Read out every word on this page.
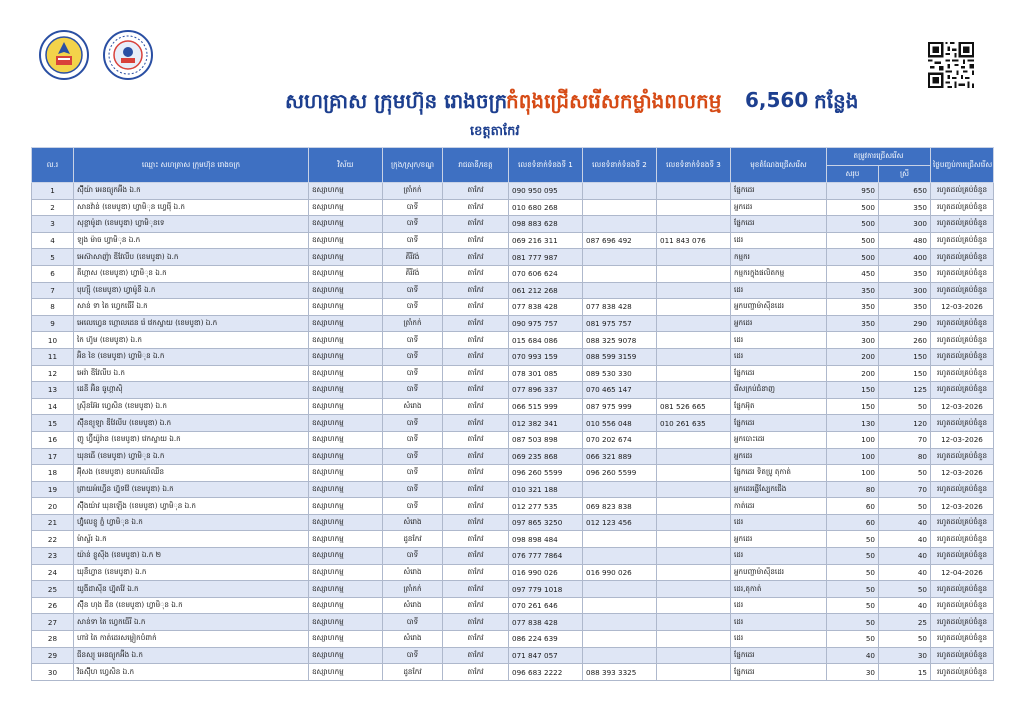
សហគ្រាស ក្រុមហ៊ុន រោងចក្រ
កំពុងជ្រើសរើសកម្លាំងពលកម្ម 6,560 កន្លែង
ខេត្តតាកែវ
ល.រ	ឈ្មោះ សហគ្រាស ក្រុមហ៊ុន រោងចក្រ	វិស័យ	ក្រុង/ស្រុក/ខណ្ឌ	រាជធានី/ខេត្ត	លេខទំនាក់ទំនងទី 1	លេខទំនាក់ទំនងទី 2	លេខទំនាក់ទំនងទី 3	មុខតំណែងជ្រើសរើស	តម្រូវការជ្រើសរើស		ថ្ងៃបញ្ចប់ការជ្រើសរើស
									សរុប	ស្រី	
1	ស៊ុីយ៉ា អេនធ្យូកអ៊ីង ឯ.ក	ឧស្សាហកម្ម	ត្រាំកក់	តាកែវ	090 950 095			ផ្នែកដេរ	950	650	រហូតដល់គ្រប់ចំនួន
2	សានវ៉ាន់ (ខេមបូឌា) ហ្វាមិុន ហ្វេរ៉ើ ឯ.ក	ឧស្សាហកម្ម	បាទី	តាកែវ	010 680 268			អ្នកដេរ	500	350	រហូតដល់គ្រប់ចំនួន
3	សុខ្ទាម៉ូដា (ខេមបូឌា) ហ្វាមិុនទេ	ឧស្សាហកម្ម	បាទី	តាកែវ	098 883 628			ផ្នែកដេរ	500	300	រហូតដល់គ្រប់ចំនួន
4	ឡុង ម៉ាច ហ្វាមិុន ឯ.ក	ឧស្សាហកម្ម	បាទី	តាកែវ	069 216 311	087 696 492	011 843 076	ដេរ	500	480	រហូតដល់គ្រប់ចំនួន
5	អេស៊ាសាញ៉ា ឌីវែលីប (ខេមបូឌា) ឯ.ក	ឧស្សាហកម្ម	គីរីវង់	តាកែវ	081 777 987			កម្មករ	500	400	រហូតដល់គ្រប់ចំនួន
6	គីហ្គាស (ខេមបូឌា) ហ្វាមិុន ឯ.ក	ឧស្សាហកម្ម	គីរីវង់	តាកែវ	070 606 624			កម្មករក្នុងផលិតកម្ម	450	350	រហូតដល់គ្រប់ចំនួន
7	បុហ្ស៊ី (ខេមបូឌា) ហ្វាម៉ូនី ឯ.ក	ឧស្សាហកម្ម	បាទី	តាកែវ	061 212 268			ដេរ	350	300	រហូតដល់គ្រប់ចំនួន
8	សាន់ ទា តៃ ហ្វេកធើរី ឯ.ក	ឧស្សាហកម្ម	បាទី	តាកែវ	077 838 428	077 838 428		អ្នកបញ្ជាម៉ាស៊ីនដេរ	350	350	12-03-2026
9	អេលេហ្វេន ហ្គោលដេន រ៉េ វេកស្ទាយ (ខេមបូឌា) ឯ.ក	ឧស្សាហកម្ម	ត្រាំកក់	តាកែវ	090 975 757	081 975 757		អ្នកដេរ	350	290	រហូតដល់គ្រប់ចំនួន
10	កៃ ហ៊ូម (ខេមបូឌា) ឯ.ក	ឧស្សាហកម្ម	បាទី	តាកែវ	015 684 086	088 325 9078		ដេរ	300	260	រហូតដល់គ្រប់ចំនួន
11	អ៊ិន ខៃ (ខេមបូឌា) ហ្វាមិុន ឯ.ក	ឧស្សាហកម្ម	បាទី	តាកែវ	070 993 159	088 599 3159		ដេរ	200	150	រហូតដល់គ្រប់ចំនួន
12	អេរ៉ា ឌីវែលីប ឯ.ក	ឧស្សាហកម្ម	បាទី	តាកែវ	078 301 085	089 530 330		ផ្នែកដេរ	200	150	រហូតដល់គ្រប់ចំនួន
13	ដេនី អ៊ិន ធូហ្គាស៊ិ	ឧស្សាហកម្ម	បាទី	តាកែវ	077 896 337	070 465 147		រើសក្រប់ជំនាញ	150	125	រហូតដល់គ្រប់ចំនួន
14	ស្រ៊ីនអ៊ែរ ហ្វេសិន (ខេមបូឌា) ឯ.ក	ឧស្សាហកម្ម	សំរោង	តាកែវ	066 515 999	087 975 999	081 526 665	ផ្នែកអ៊ុត	150	50	12-03-2026
15	ស៊ុីនខ្យូឡា ឌីវែលីប (ខេមបូឌា) ឯ.ក	ឧស្សាហកម្ម	បាទី	តាកែវ	012 382 341	010 556 048	010 261 635	ផ្នែកដេរ	130	120	រហូតដល់គ្រប់ចំនួន
16	ញូ ហ្វ៊ីយ៉ូរ៉ាន (ខេមបូឌា) វេកស្ទាយ ឯ.ក	ឧស្សាហកម្ម	បាទី	តាកែវ	087 503 898	070 202 674		អ្នកបោះដេរ	100	70	12-03-2026
17	ឃុនធើ (ខេមបូឌា) ហ្វាមិុន ឯ.ក	ឧស្សាហកម្ម	បាទី	តាកែវ	069 235 868	066 321 889		អ្នកដេរ	100	80	រហូតដល់គ្រប់ចំនួន
18	អ៊ុីសង (ខេមបូឌា) ឧបករណ៍ឈីន	ឧស្សាហកម្ម	បាទី	តាកែវ	096 260 5599	096 260 5599		ផ្នែកដេរ ទិតប្រូ តុកាត់	100	50	12-03-2026
19	ព្រាយអ៉ហ្វើន ហ្វ៊ុទវ៉ែ (ខេមបូឌា) ឯ.ក	ឧស្សាហកម្ម	បាទី	តាកែវ	010 321 188			អ្នកដេរផ្លើស្បែកជើង	80	70	រហូតដល់គ្រប់ចំនួន
20	ស៊ុីងយ៉ាវ ឃុនឡើង (ខេមបូឌា) ហ្វាមិុន ឯ.ក	ឧស្សាហកម្ម	បាទី	តាកែវ	012 277 535	069 823 838		កាត់ដេរ	60	50	12-03-2026
21	ហ្វ៊ុំលេខ្ទូ ភ្នំ ហ្វាមិុន ឯ.ក	ឧស្សាហកម្ម	សំរោង	តាកែវ	097 865 3250	012 123 456		ដេរ	60	40	រហូតដល់គ្រប់ចំនួន
22	ម៉ាស្ទ័រ ឯ.ក	ឧស្សាហកម្ម	ដូនកែវ	តាកែវ	098 898 484			អ្នកដេរ	50	40	រហូតដល់គ្រប់ចំនួន
23	យ៉ាន់ ខ្លូស៊ីង (ខេមបូឌា) ឯ.ក ២	ឧស្សាហកម្ម	បាទី	តាកែវ	076 777 7864			ដេរ	50	40	រហូតដល់គ្រប់ចំនួន
24	ឃុនឹហ្វាន (ខេមបូឌា) ឯ.ក	ឧស្សាហកម្ម	សំរោង	តាកែវ	016 990 026	016 990 026		អ្នកបញ្ជាម៉ាស៊ីនដេរ	50	40	12-04-2026
25	យូងីដាស៊ីន ហ្វ៊ុតវ៉ែ ឯ.ក	ឧស្សាហកម្ម	ត្រាំកក់	តាកែវ	097 779 1018			ដេរ,តុកាត់	50	50	រហូតដល់គ្រប់ចំនួន
26	ស៊ុីន ហុង ជីន (ខេមបូឌា) ហ្វាមិុន ឯ.ក	ឧស្សាហកម្ម	សំរោង	តាកែវ	070 261 646			ដេរ	50	40	រហូតដល់គ្រប់ចំនួន
27	សាន់ទា តៃ ហ្វេកធើរី ឯ.ក	ឧស្សាហកម្ម	បាទី	តាកែវ	077 838 428			ដេរ	50	25	រហូតដល់គ្រប់ចំនួន
28	ហាវ់ តៃ កាត់ដេរសម្លៀកបំពាក់	ឧស្សាហកម្ម	សំរោង	តាកែវ	086 224 639			ដេរ	50	50	រហូតដល់គ្រប់ចំនួន
29	ជីនស្យូ អេនធ្យូកអ៊ីង ឯ.ក	ឧស្សាហកម្ម	បាទី	តាកែវ	071 847 057			ផ្នែកដេរ	40	30	រហូតដល់គ្រប់ចំនួន
30	វិធស៊ុីហ ហ្វេសិន ឯ.ក	ឧស្សាហកម្ម	ដូនកែវ	តាកែវ	096 683 2222	088 393 3325		ផ្នែកដេរ	30	15	រហូតដល់គ្រប់ចំនួន
